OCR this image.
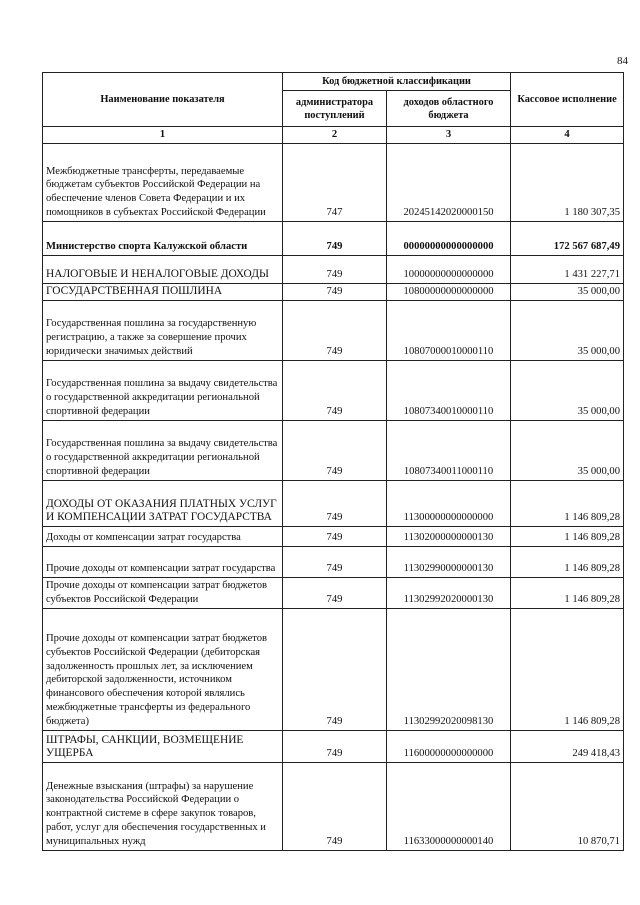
84
Наименование показателя	Код бюджетной классификации		Кассовое исполнение
	администратора поступлений	доходов областного бюджета	
1	2	3	4
Межбюджетные трансферты, передаваемые бюджетам субъектов Российской Федерации на обеспечение членов Совета Федерации и их помощников в субъектах Российской Федерации	747	20245142020000150	1 180 307,35
Министерство спорта Калужской области	749	00000000000000000	172 567 687,49
НАЛОГОВЫЕ И НЕНАЛОГОВЫЕ ДОХОДЫ	749	10000000000000000	1 431 227,71
ГОСУДАРСТВЕННАЯ ПОШЛИНА	749	10800000000000000	35 000,00
Государственная пошлина за государственную регистрацию, а также за совершение прочих юридически значимых действий	749	10807000010000110	35 000,00
Государственная пошлина за выдачу свидетельства о государственной аккредитации региональной спортивной федерации	749	10807340010000110	35 000,00
Государственная пошлина за выдачу свидетельства о государственной аккредитации региональной спортивной федерации	749	10807340011000110	35 000,00
ДОХОДЫ ОТ ОКАЗАНИЯ ПЛАТНЫХ УСЛУГ И КОМПЕНСАЦИИ ЗАТРАТ ГОСУДАРСТВА	749	11300000000000000	1 146 809,28
Доходы от компенсации затрат государства	749	11302000000000130	1 146 809,28
Прочие доходы от компенсации затрат государства	749	11302990000000130	1 146 809,28
Прочие доходы от компенсации затрат бюджетов субъектов Российской Федерации	749	11302992020000130	1 146 809,28
Прочие доходы от компенсации затрат бюджетов субъектов Российской Федерации (дебиторская задолженность прошлых лет, за исключением дебиторской задолженности, источником финансового обеспечения которой являлись межбюджетные трансферты из федерального бюджета)	749	11302992020098130	1 146 809,28
ШТРАФЫ, САНКЦИИ, ВОЗМЕЩЕНИЕ УЩЕРБА	749	11600000000000000	249 418,43
Денежные взыскания (штрафы) за нарушение законодательства Российской Федерации о контрактной системе в сфере закупок товаров, работ, услуг для обеспечения государственных и муниципальных нужд	749	11633000000000140	10 870,71
